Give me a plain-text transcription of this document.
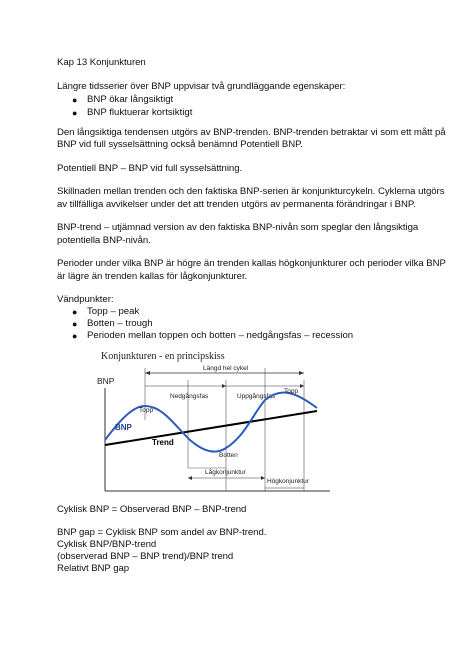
Kap 13 Konjunkturen
Längre tidsserier över BNP uppvisar två grundläggande egenskaper:
● BNP ökar långsiktigt
● BNP fluktuerar kortsiktigt
Den långsiktiga tendensen utgörs av BNP-trenden. BNP-trenden betraktar vi som ett mått på
BNP vid full sysselsättning också benämnd Potentiell BNP.
Potentiell BNP – BNP vid full sysselsättning.
Skillnaden mellan trenden och den faktiska BNP-serien är konjunkturcykeln. Cyklerna utgörs
av tillfälliga avvikelser under det att trenden utgörs av permanenta förändringar i BNP.
BNP-trend – utjämnad version av den faktiska BNP-nivån som speglar den långsiktiga
potentiella BNP-nivån.
Perioder under vilka BNP är högre än trenden kallas högkonjunkturer och perioder vilka BNP
är lägre än trenden kallas för lågkonjunkturer.
Vändpunkter:
● Topp – peak
● Botten – trough
● Perioden mellan toppen och botten – nedgångsfas – recession
Konjunkturen - en principskiss
BNP
Längd hel cykel
Nedgångsfas	Uppgångsfas
Lågkonjunktur
Högkonjunktur
Trend
BNP
Topp
Topp
Botten
Cyklisk BNP = Observerad BNP – BNP-trend
BNP gap = Cyklisk BNP som andel av BNP-trend.
Cyklisk BNP/BNP-trend
(observerad BNP – BNP trend)/BNP trend
Relativt BNP gap
